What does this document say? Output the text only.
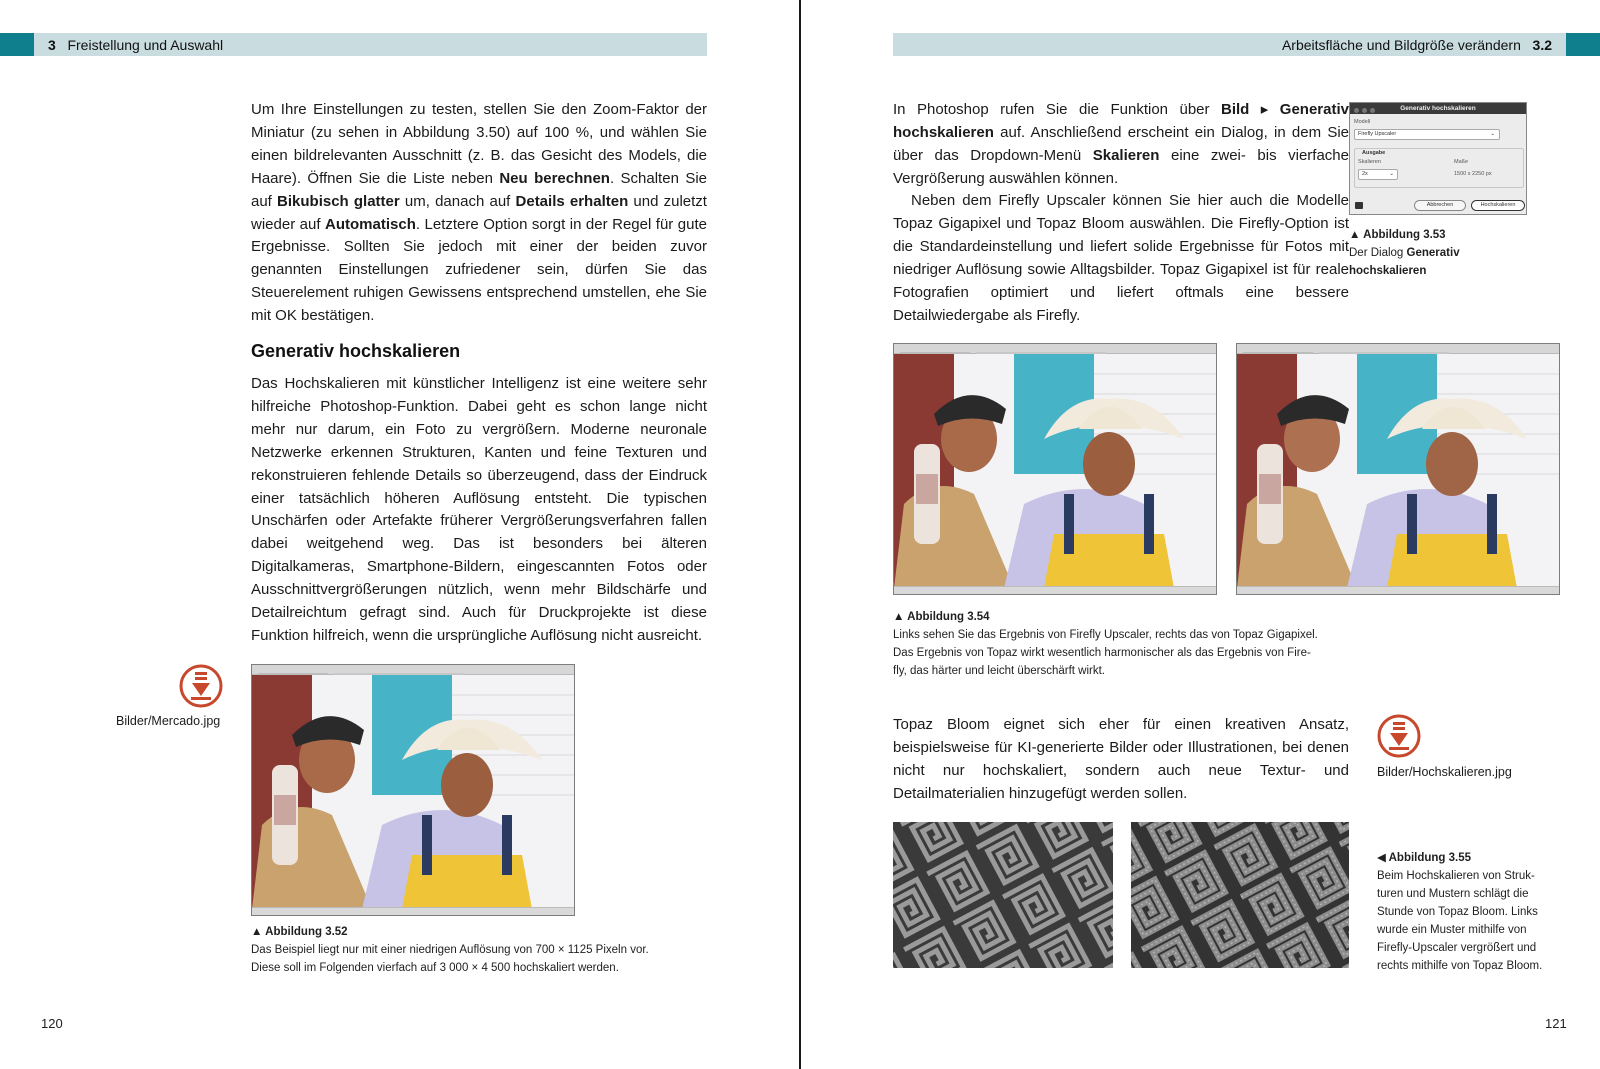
3 Freistellung und Auswahl

Um Ihre Einstellungen zu testen, stellen Sie den Zoom-Faktor der Miniatur (zu sehen in Abbildung 3.50) auf 100 %, und wählen Sie einen bildrelevanten Ausschnitt (z. B. das Gesicht des Models, die Haare). Öffnen Sie die Liste neben Neu berechnen. Schalten Sie auf Bikubisch glatter um, danach auf Details erhalten und zuletzt wieder auf Automatisch. Letztere Option sorgt in der Regel für gute Ergebnisse. Sollten Sie jedoch mit einer der beiden zuvor genannten Einstellungen zufriedener sein, dürfen Sie das Steuerelement ruhigen Gewissens entsprechend umstellen, ehe Sie mit OK bestätigen.

Generativ hochskalieren

Das Hochskalieren mit künstlicher Intelligenz ist eine weitere sehr hilfreiche Photoshop-Funktion. Dabei geht es schon lange nicht mehr nur darum, ein Foto zu vergrößern. Moderne neuronale Netzwerke erkennen Strukturen, Kanten und feine Texturen und rekonstruieren fehlende Details so überzeugend, dass der Eindruck einer tatsächlich höheren Auflösung entsteht. Die typischen Unschärfen oder Artefakte früherer Vergrößerungsverfahren fallen dabei weitgehend weg. Das ist besonders bei älteren Digitalkameras, Smartphone-Bildern, eingescannten Fotos oder Ausschnittvergrößerungen nützlich, wenn mehr Bildschärfe und Detailreichtum gefragt sind. Auch für Druckprojekte ist diese Funktion hilfreich, wenn die ursprüngliche Auflösung nicht ausreicht.

Bilder/Mercado.jpg
▲ Abbildung 3.52
Das Beispiel liegt nur mit einer niedrigen Auflösung von 700 × 1125 Pixeln vor.
Diese soll im Folgenden vierfach auf 3 000 × 4 500 hochskaliert werden.
120
Arbeitsfläche und Bildgröße verändern 3.2

In Photoshop rufen Sie die Funktion über Bild ▸ Generativ hochskalieren auf. Anschließend erscheint ein Dialog, in dem Sie über das Dropdown-Menü Skalieren eine zwei- bis vierfache Vergrößerung auswählen können.

Neben dem Firefly Upscaler können Sie hier auch die Modelle Topaz Gigapixel und Topaz Bloom auswählen. Die Firefly-Option ist die Standardeinstellung und liefert solide Ergebnisse für Fotos mit niedriger Auflösung sowie Alltagsbilder. Topaz Gigapixel ist für reale Fotografien optimiert und liefert oftmals eine bessere Detailwiedergabe als Firefly.

Generativ hochskalieren
Modell
Firefly Upscaler	⌄
Ausgabe
Skalieren
2x	⌄
Maße
1500 x 2250 px
Abbrechen	Hochskalieren
▲ Abbildung 3.53
Der Dialog Generativ hochskalieren
▲ Abbildung 3.54
Links sehen Sie das Ergebnis von Firefly Upscaler, rechts das von Topaz Gigapixel.
Das Ergebnis von Topaz wirkt wesentlich harmonischer als das Ergebnis von Fire-
fly, das härter und leicht überschärft wirkt.

Topaz Bloom eignet sich eher für einen kreativen Ansatz, beispielsweise für KI-generierte Bilder oder Illustrationen, bei denen nicht nur hochskaliert, sondern auch neue Textur- und Detailmaterialien hinzugefügt werden sollen.

Bilder/Hochskalieren.jpg
◀ Abbildung 3.55
Beim Hochskalieren von Struk-
turen und Mustern schlägt die
Stunde von Topaz Bloom. Links
wurde ein Muster mithilfe von
Firefly-Upscaler vergrößert und
rechts mithilfe von Topaz Bloom.
121
